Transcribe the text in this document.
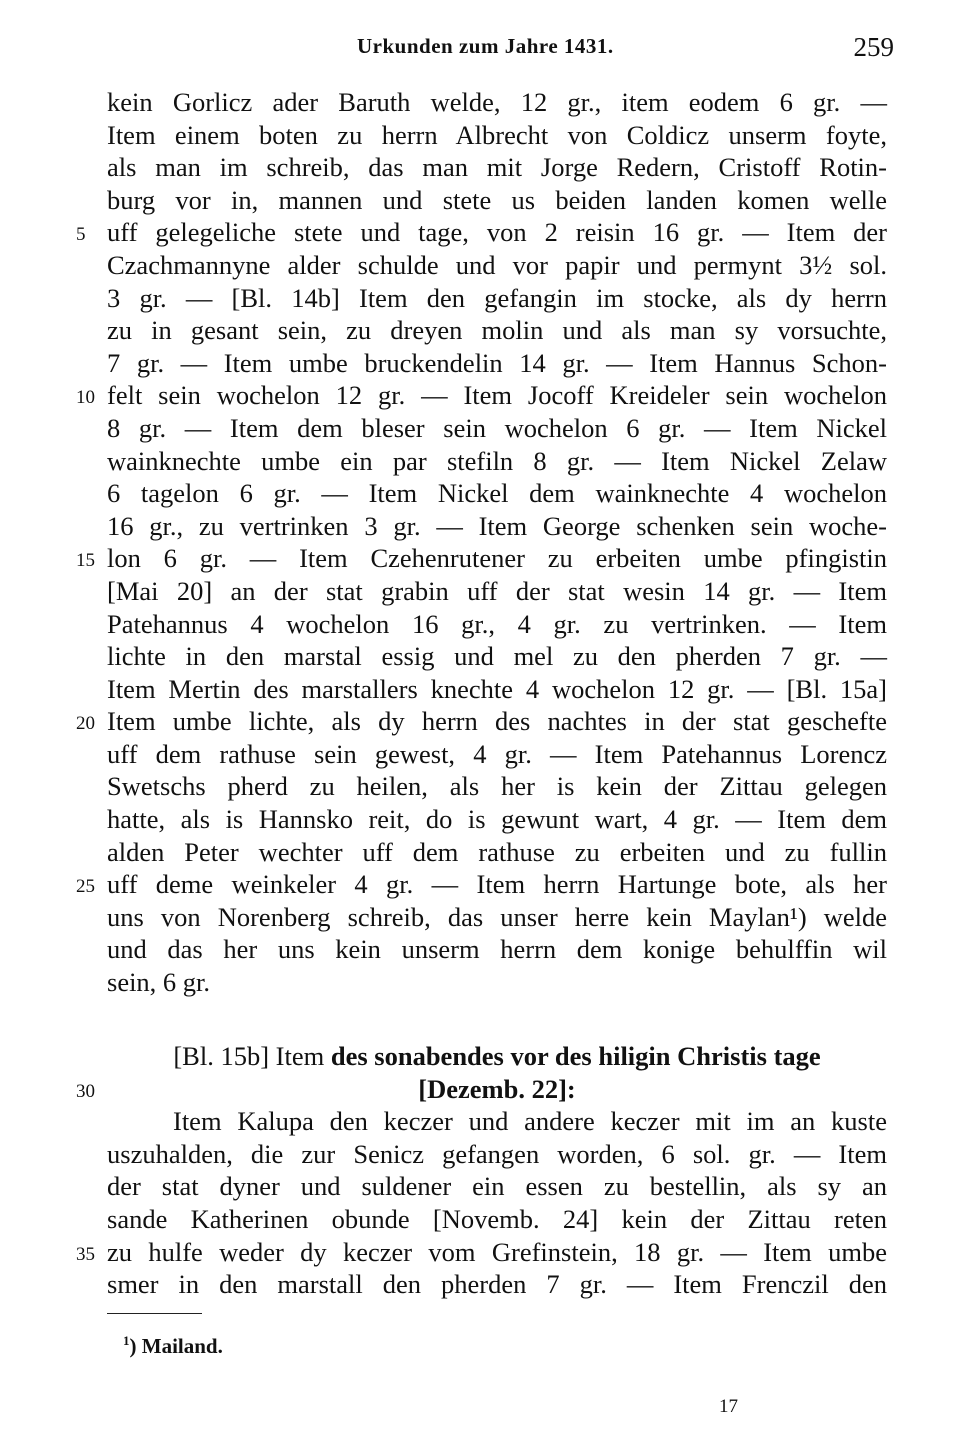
Urkunden zum Jahre 1431.	259
kein Gorlicz ader Baruth welde, 12 gr., item eodem 6 gr. —
Item einem boten zu herrn Albrecht von Coldicz unserm foyte,
als man im schreib, das man mit Jorge Redern, Cristoff Rotin-
burg vor in, mannen und stete us beiden landen komen welle
5 uff gelegeliche stete und tage, von 2 reisin 16 gr. — Item der
Czachmannyne alder schulde und vor papir und permynt 3½ sol.
3 gr. — [Bl. 14b] Item den gefangin im stocke, als dy herrn
zu in gesant sein, zu dreyen molin und als man sy vorsuchte,
7 gr. — Item umbe bruckendelin 14 gr. — Item Hannus Schon-
10 felt sein wochelon 12 gr. — Item Jocoff Kreideler sein wochelon
8 gr. — Item dem bleser sein wochelon 6 gr. — Item Nickel
wainknechte umbe ein par stefiln 8 gr. — Item Nickel Zelaw
6 tagelon 6 gr. — Item Nickel dem wainknechte 4 wochelon
16 gr., zu vertrinken 3 gr. — Item George schenken sein woche-
15 lon 6 gr. — Item Czehenrutener zu erbeiten umbe pfingistin
[Mai 20] an der stat grabin uff der stat wesin 14 gr. — Item
Patehannus 4 wochelon 16 gr., 4 gr. zu vertrinken. — Item
lichte in den marstal essig und mel zu den pherden 7 gr. —
Item Mertin des marstallers knechte 4 wochelon 12 gr. — [Bl. 15a]
20 Item umbe lichte, als dy herrn des nachtes in der stat geschefte
uff dem rathuse sein gewest, 4 gr. — Item Patehannus Lorencz
Swetschs pherd zu heilen, als her is kein der Zittau gelegen
hatte, als is Hannsko reit, do is gewunt wart, 4 gr. — Item dem
alden Peter wechter uff dem rathuse zu erbeiten und zu fullin
25 uff deme weinkeler 4 gr. — Item herrn Hartunge bote, als her
uns von Norenberg schreib, das unser herre kein Maylan¹) welde
und das her uns kein unserm herrn dem konige behulffin wil
sein, 6 gr.
[Bl. 15b] Item des sonabendes vor des hiligin Christis tage
30	[Dezemb. 22]:
Item Kalupa den keczer und andere keczer mit im an kuste
uszuhalden, die zur Senicz gefangen worden, 6 sol. gr. — Item
der stat dyner und suldener ein essen zu bestellin, als sy an
sande Katherinen obunde [Novemb. 24] kein der Zittau reten
35 zu hulfe weder dy keczer vom Grefinstein, 18 gr. — Item umbe
smer in den marstall den pherden 7 gr. — Item Frenczil den
$^1$) Mailand.
17
